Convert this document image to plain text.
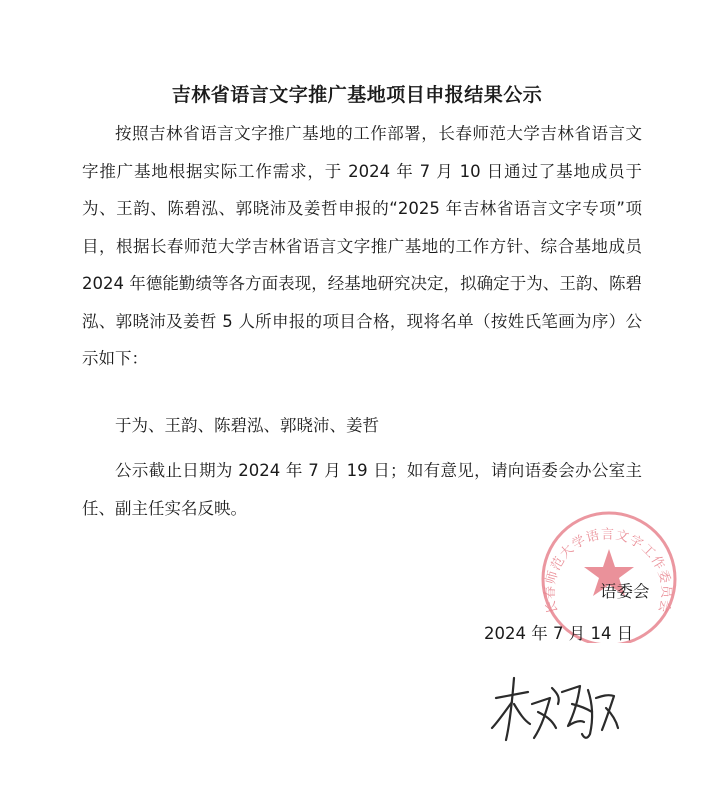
吉林省语言文字推广基地项目申报结果公示
按照吉林省语言文字推广基地的工作部署，长春师范大学吉林省语言文字推广基地根据实际工作需求，于 2024 年 7 月 10 日通过了基地成员于为、王韵、陈碧泓、郭晓沛及姜哲申报的“2025 年吉林省语言文字专项”项目，根据长春师范大学吉林省语言文字推广基地的工作方针、综合基地成员 2024 年德能勤绩等各方面表现，经基地研究决定，拟确定于为、王韵、陈碧泓、郭晓沛及姜哲 5 人所申报的项目合格，现将名单（按姓氏笔画为序）公示如下：
于为、王韵、陈碧泓、郭晓沛、姜哲
公示截止日期为 2024 年 7 月 19 日；如有意见，请向语委会办公室主任、副主任实名反映。
长春师范大学语言文字工作委员会
语委会
2024 年 7 月 14 日
